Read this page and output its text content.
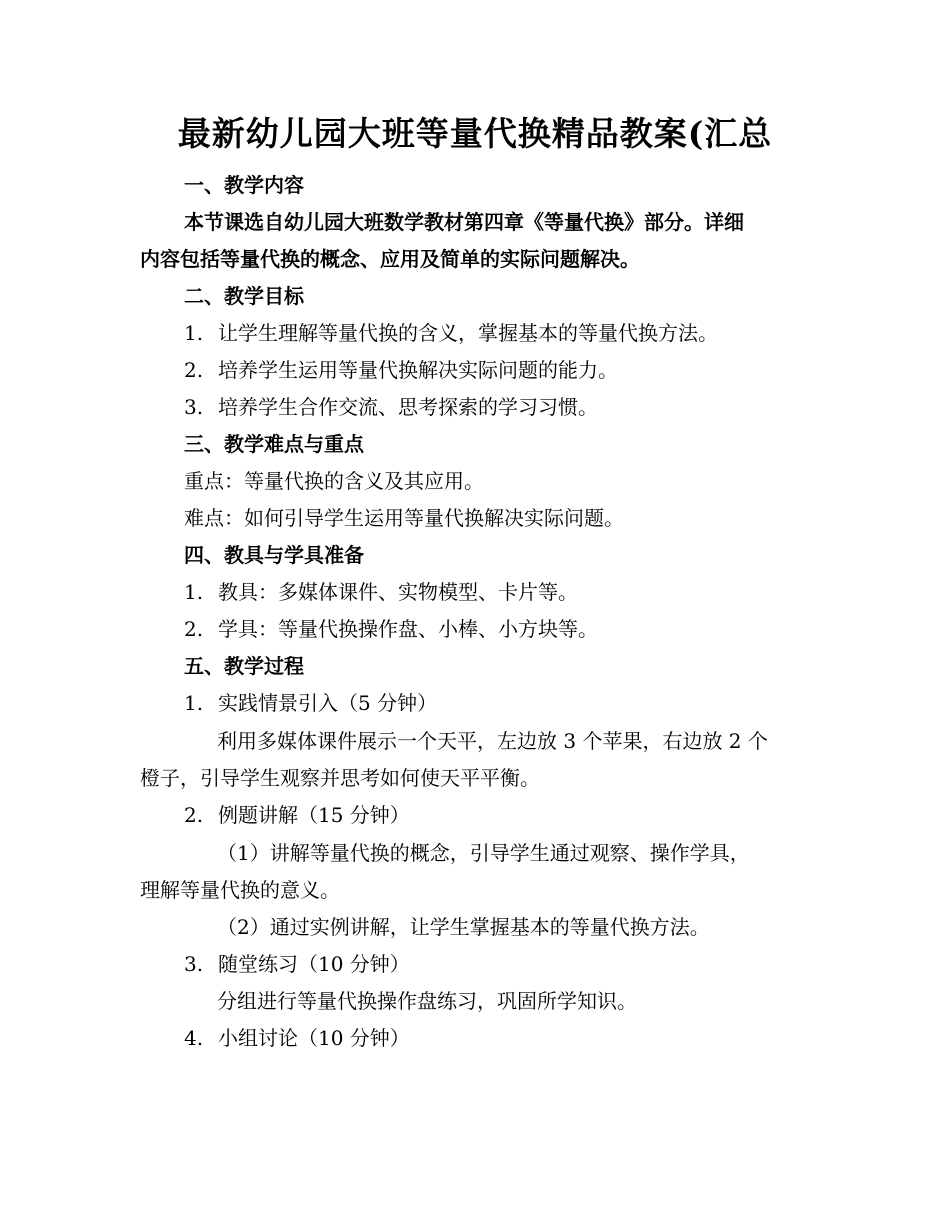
最新幼儿园大班等量代换精品教案(汇总
一、教学内容
本节课选自幼儿园大班数学教材第四章《等量代换》部分。详细
内容包括等量代换的概念、应用及简单的实际问题解决。
二、教学目标
1. 让学生理解等量代换的含义，掌握基本的等量代换方法。
2. 培养学生运用等量代换解决实际问题的能力。
3. 培养学生合作交流、思考探索的学习习惯。
三、教学难点与重点
重点：等量代换的含义及其应用。
难点：如何引导学生运用等量代换解决实际问题。
四、教具与学具准备
1. 教具：多媒体课件、实物模型、卡片等。
2. 学具：等量代换操作盘、小棒、小方块等。
五、教学过程
1. 实践情景引入（5 分钟）
利用多媒体课件展示一个天平，左边放 3 个苹果，右边放 2 个
橙子，引导学生观察并思考如何使天平平衡。
2. 例题讲解（15 分钟）
（1）讲解等量代换的概念，引导学生通过观察、操作学具，
理解等量代换的意义。
（2）通过实例讲解，让学生掌握基本的等量代换方法。
3. 随堂练习（10 分钟）
分组进行等量代换操作盘练习，巩固所学知识。
4. 小组讨论（10 分钟）
